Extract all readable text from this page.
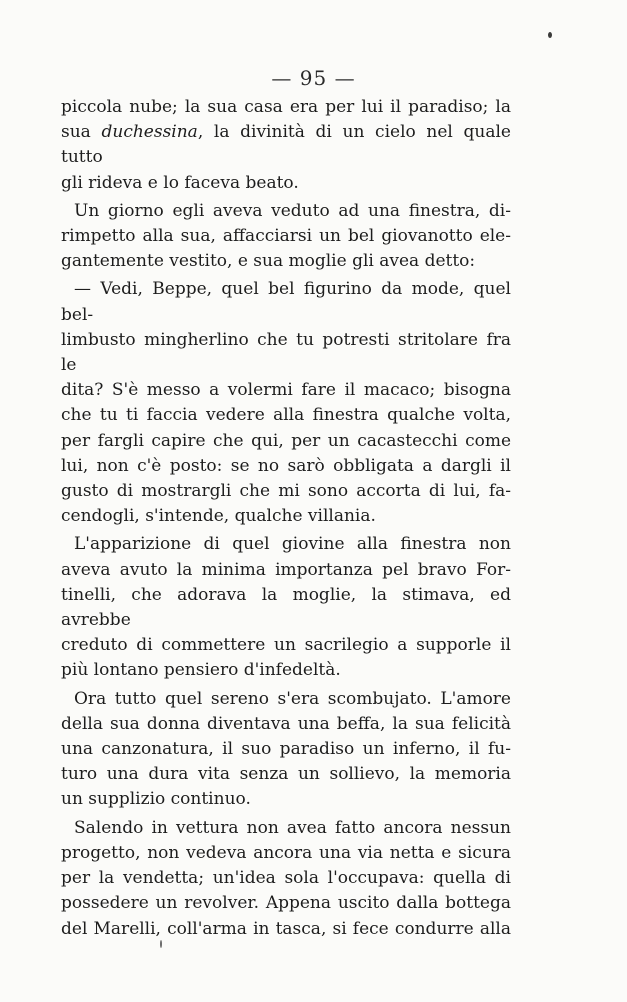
— 95 —

piccola nube; la sua casa era per lui il paradiso; la

sua duchessina, la divinità di un cielo nel quale tutto

gli rideva e lo faceva beato.

Un giorno egli aveva veduto ad una finestra, di-

rimpetto alla sua, affacciarsi un bel giovanotto ele-

gantemente vestito, e sua moglie gli avea detto:

— Vedi, Beppe, quel bel figurino da mode, quel bel-

limbusto mingherlino che tu potresti stritolare fra le

dita? S'è messo a volermi fare il macaco; bisogna

che tu ti faccia vedere alla finestra qualche volta,

per fargli capire che qui, per un cacastecchi come

lui, non c'è posto: se no sarò obbligata a dargli il

gusto di mostrargli che mi sono accorta di lui, fa-

cendogli, s'intende, qualche villania.

L'apparizione di quel giovine alla finestra non

aveva avuto la minima importanza pel bravo For-

tinelli, che adorava la moglie, la stimava, ed avrebbe

creduto di commettere un sacrilegio a supporle il

più lontano pensiero d'infedeltà.

Ora tutto quel sereno s'era scombujato. L'amore

della sua donna diventava una beffa, la sua felicità

una canzonatura, il suo paradiso un inferno, il fu-

turo una dura vita senza un sollievo, la memoria

un supplizio continuo.

Salendo in vettura non avea fatto ancora nessun

progetto, non vedeva ancora una via netta e sicura

per la vendetta; un'idea sola l'occupava: quella di

possedere un revolver. Appena uscito dalla bottega

del Marelli, coll'arma in tasca, si fece condurre alla
